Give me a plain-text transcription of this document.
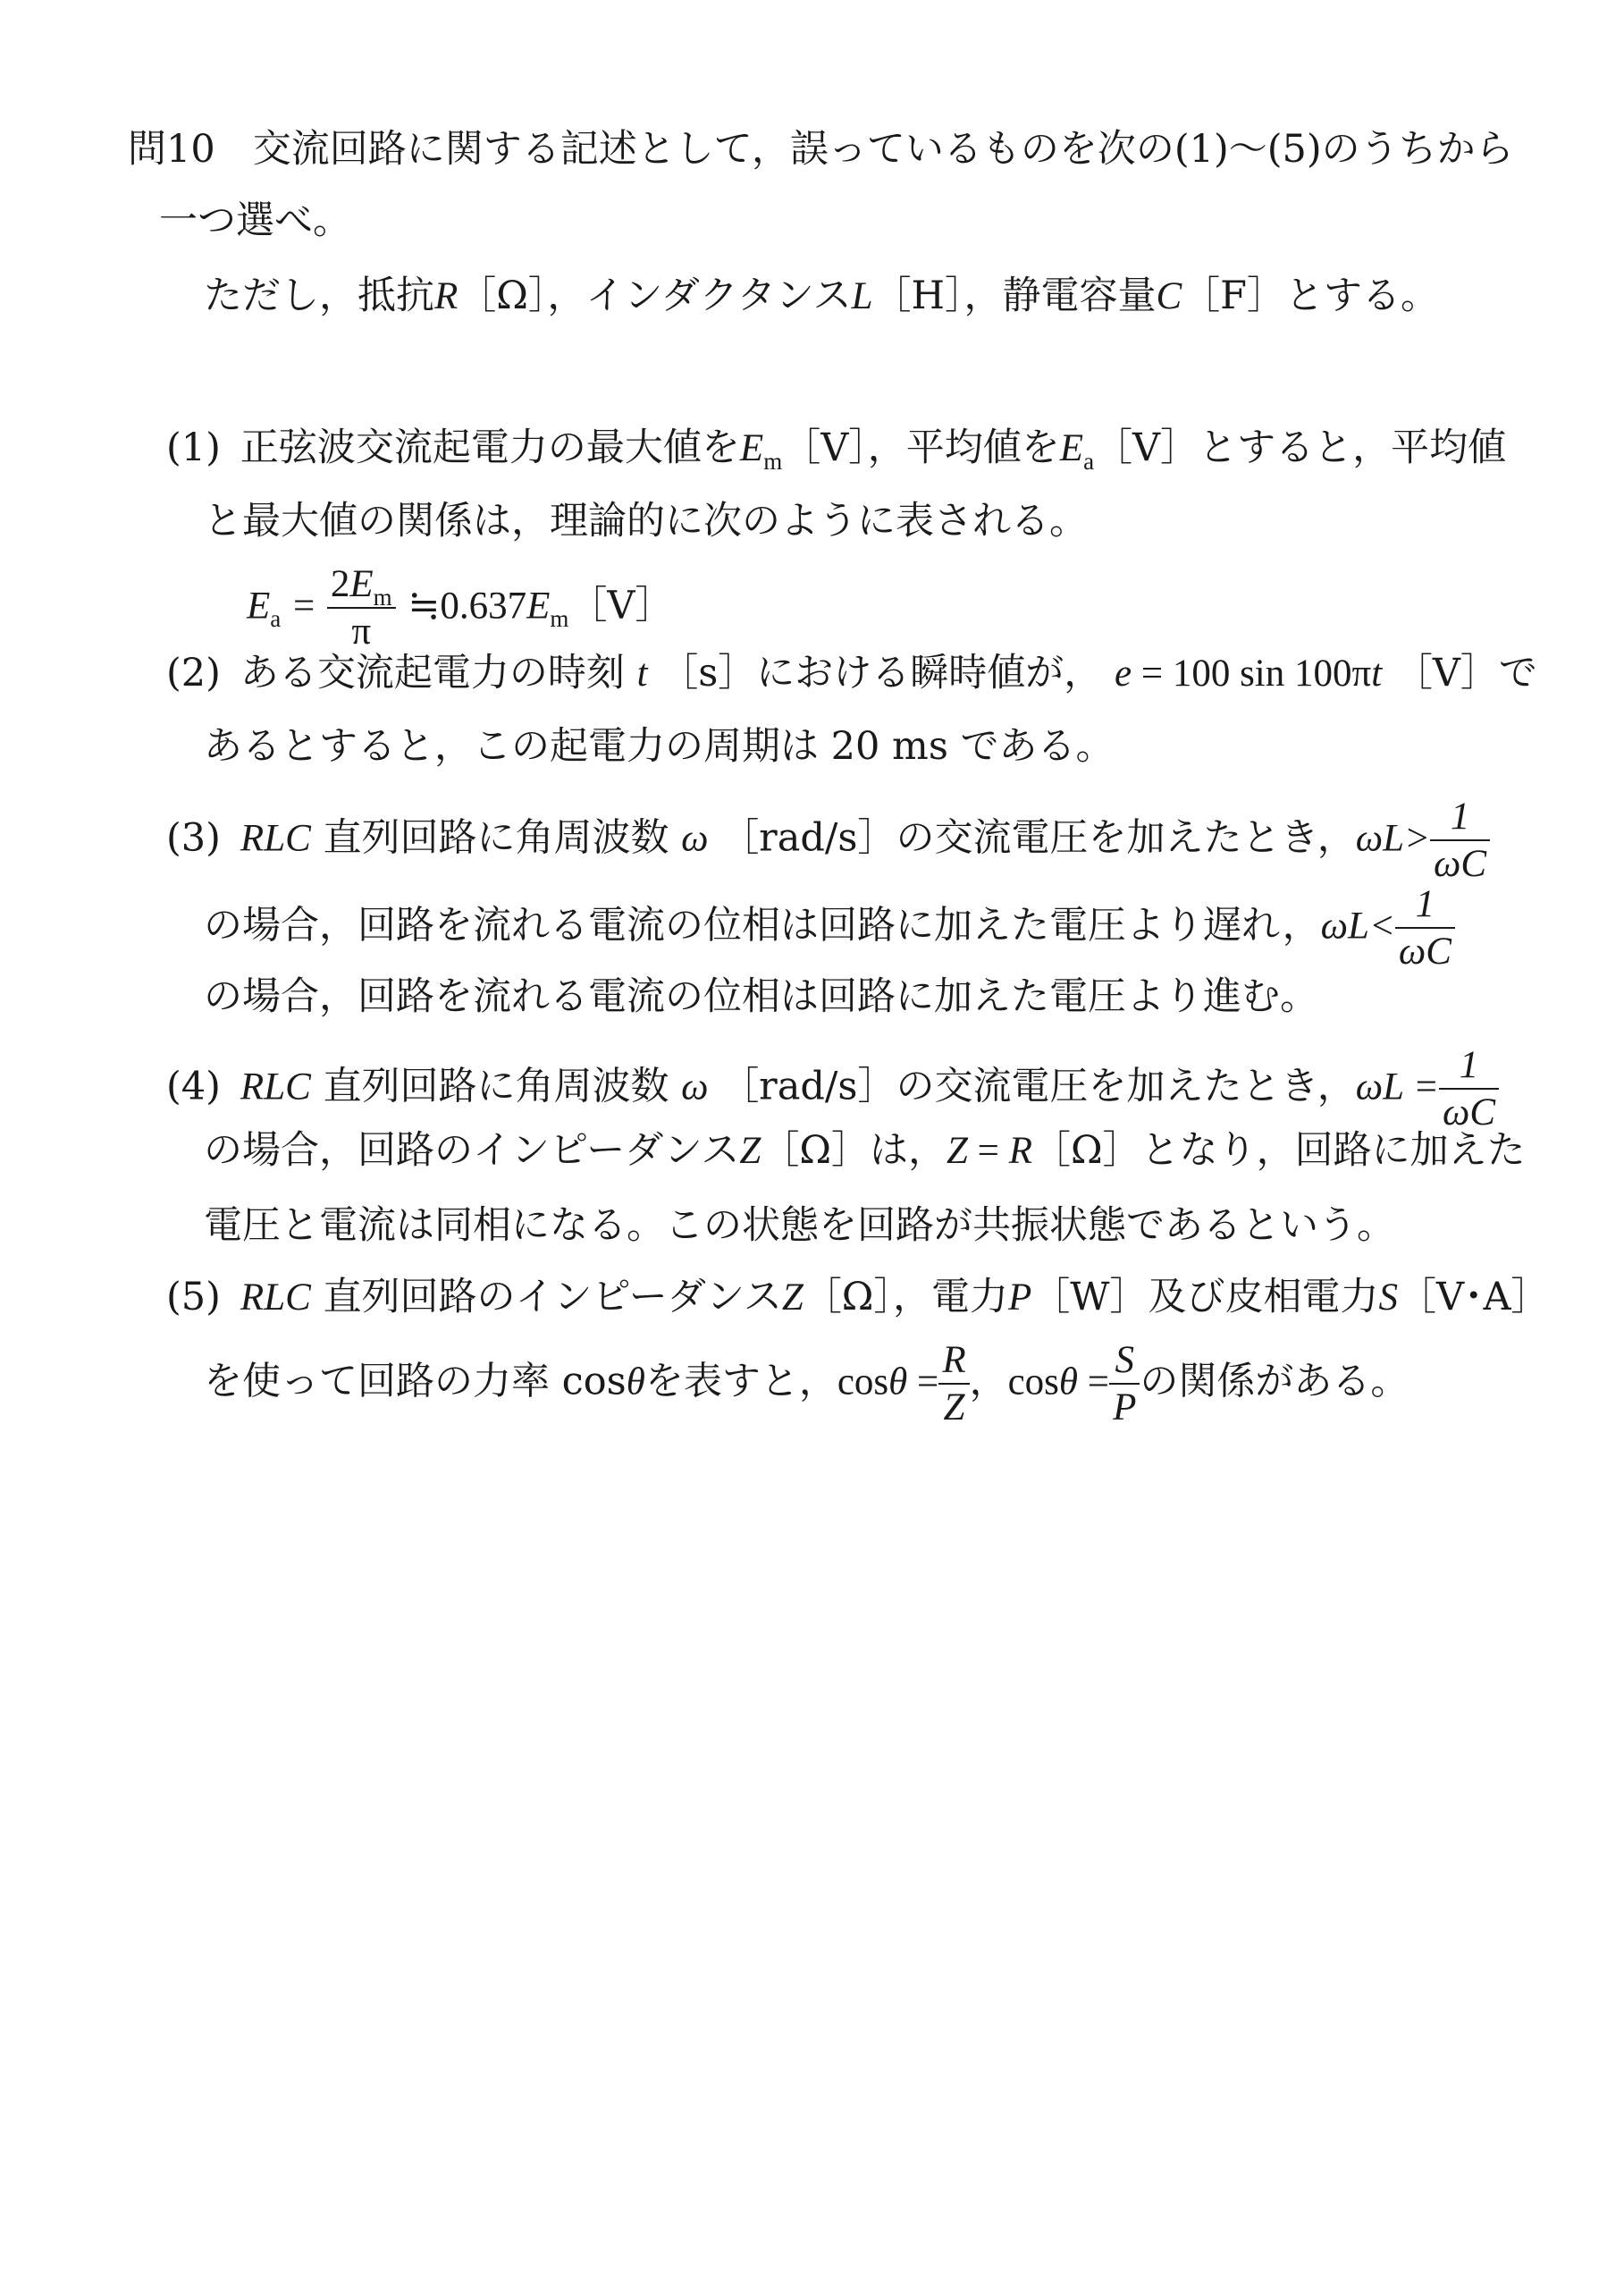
問10 交流回路に関する記述として，誤っているものを次の(1)～(5)のうちから
一つ選べ。
ただし，抵抗R［Ω］，インダクタンスL［H］，静電容量C［F］とする。
(1) 正弦波交流起電力の最大値を$E_m[V]$，平均値を$E_a[V]$とすると，平均値
と最大値の関係は，理論的に次のように表される。
$E_a = \frac{2E_m}{\pi}$ $≒0.637E_m[V]$
(2) ある交流起電力の時刻 t ［s］における瞬時値が， e = 100 sin 100πt ［V］で
あるとすると，この起電力の周期は 20 ms である。
(3) RLC 直列回路に角周波数 ω ［rad/s］の交流電圧を加えたとき，$\omega L> \frac{1}{\omega C}$
の場合，回路を流れる電流の位相は回路に加えた電圧より遅れ，$\omega L< \frac{1}{\omega C}$
の場合，回路を流れる電流の位相は回路に加えた電圧より進む。
(4) RLC 直列回路に角周波数 ω ［rad/s］の交流電圧を加えたとき，$\omega L = \frac{1}{\omega C}$
の場合，回路のインピーダンスZ［Ω］は，Z = R［Ω］となり，回路に加えた
電圧と電流は同相になる。この状態を回路が共振状態であるという。
(5) RLC 直列回路のインピーダンスZ［Ω］，電力P［W］及び皮相電力S［V･A］
を使って回路の力率 cosθを表すと，$\cos\theta = \frac{R}{Z}$ ，$\cos\theta = \frac{S}{P}$ の関係がある。
